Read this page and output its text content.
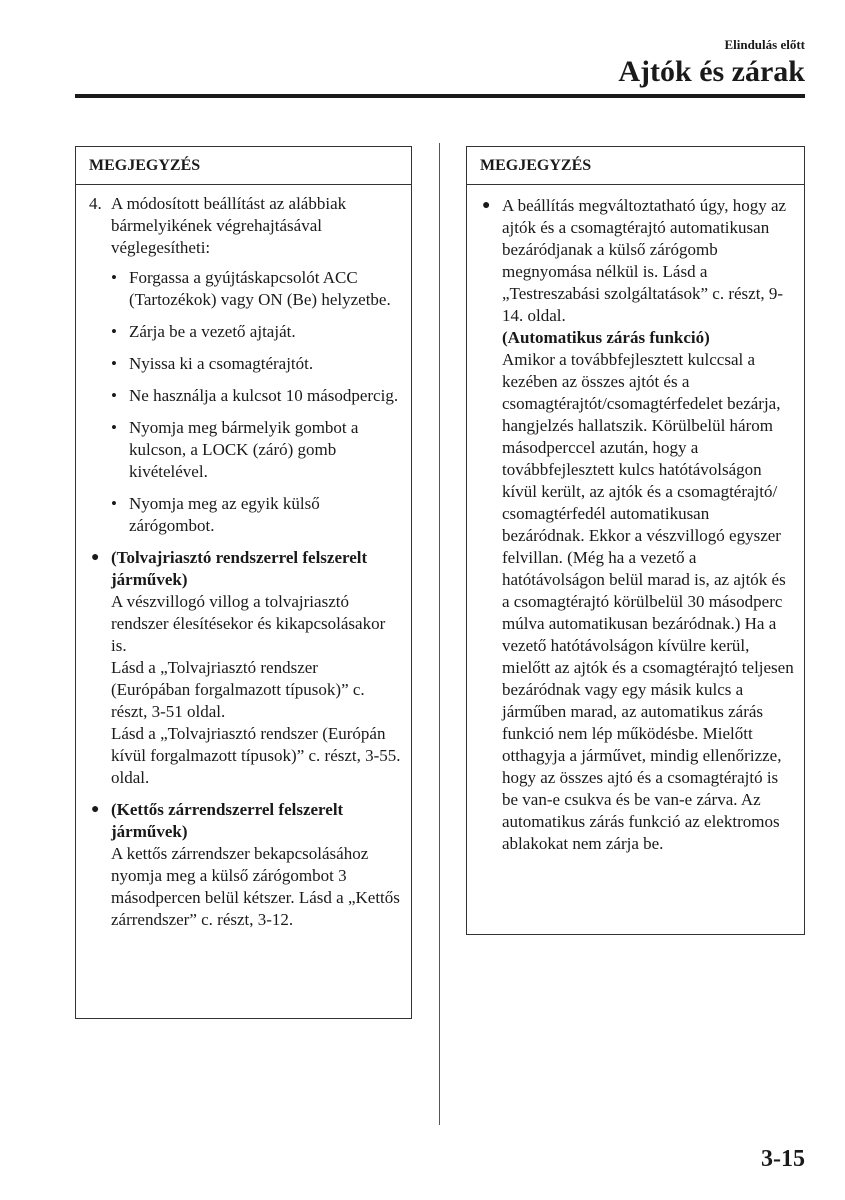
Elindulás előtt
Ajtók és zárak
MEGJEGYZÉS
4. A módosított beállítást az alábbiak bármelyikének végrehajtásával véglegesítheti:
• Forgassa a gyújtáskapcsolót ACC (Tartozékok) vagy ON (Be) helyzetbe.
• Zárja be a vezető ajtaját.
• Nyissa ki a csomagtérajtót.
• Ne használja a kulcsot 10 másodpercig.
• Nyomja meg bármelyik gombot a kulcson, a LOCK (záró) gomb kivételével.
• Nyomja meg az egyik külső zárógombot.
● (Tolvajriasztó rendszerrel felszerelt járművek)

A vészvillogó villog a tolvajriasztó rendszer élesítésekor és kikapcsolásakor is.

Lásd a „Tolvajriasztó rendszer (Európában forgalmazott típusok)” c. részt, 3-51 oldal.

Lásd a „Tolvajriasztó rendszer (Európán kívül forgalmazott típusok)” c. részt, 3-55. oldal.

● (Kettős zárrendszerrel felszerelt járművek)

A kettős zárrendszer bekapcsolásához nyomja meg a külső zárógombot 3 másodpercen belül kétszer. Lásd a „Kettős zárrendszer” c. részt, 3-12.

MEGJEGYZÉS
● A beállítás megváltoztatható úgy, hogy az ajtók és a csomagtérajtó automatikusan bezáródjanak a külső zárógomb megnyomása nélkül is. Lásd a „Testreszabási szolgáltatások” c. részt, 9-14. oldal.

(Automatikus zárás funkció)

Amikor a továbbfejlesztett kulccsal a kezében az összes ajtót és a csomagtérajtót/csomagtérfedelet bezárja, hangjelzés hallatszik. Körülbelül három másodperccel azután, hogy a továbbfejlesztett kulcs hatótávolságon kívül került, az ajtók és a csomagtérajtó/ csomagtérfedél automatikusan bezáródnak. Ekkor a vészvillogó egyszer felvillan. (Még ha a vezető a hatótávolságon belül marad is, az ajtók és a csomagtérajtó körülbelül 30 másodperc múlva automatikusan bezáródnak.) Ha a vezető hatótávolságon kívülre kerül, mielőtt az ajtók és a csomagtérajtó teljesen bezáródnak vagy egy másik kulcs a járműben marad, az automatikus zárás funkció nem lép működésbe. Mielőtt otthagyja a járművet, mindig ellenőrizze, hogy az összes ajtó és a csomagtérajtó is be van-e csukva és be van-e zárva. Az automatikus zárás funkció az elektromos ablakokat nem zárja be.

3-15
